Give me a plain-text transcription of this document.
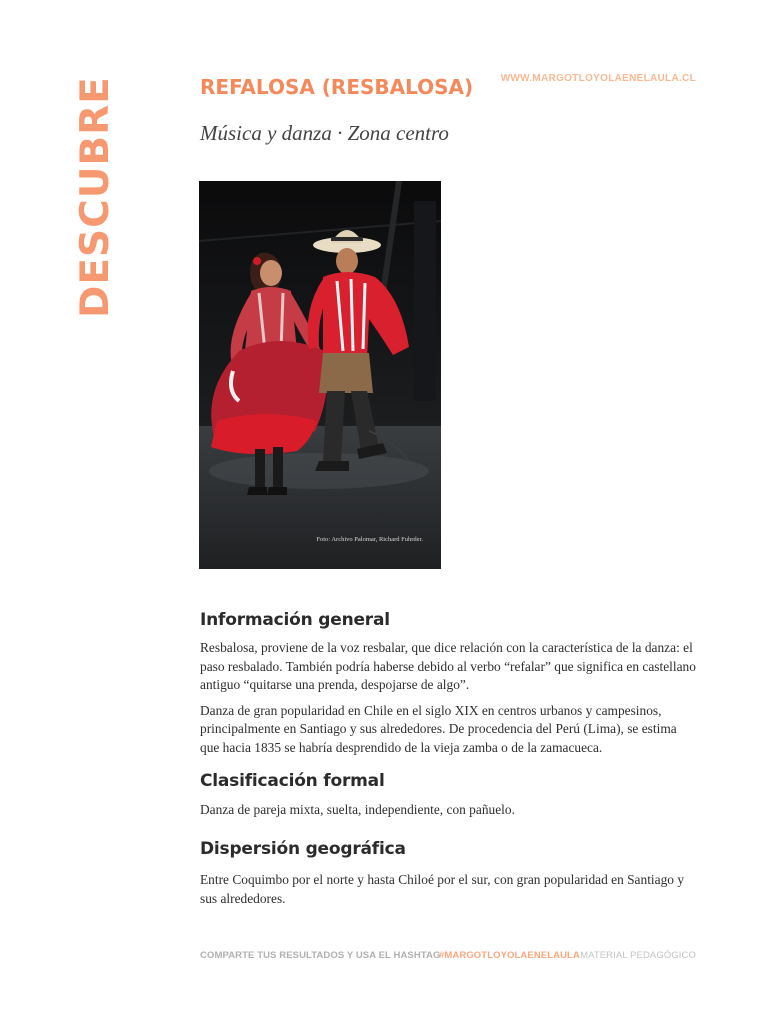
DESCUBRE	REFALOSA (RESBALOSA)	WWW.MARGOTLOYOLAENELAULA.CL
Música y danza · Zona centro
Foto: Archivo Palomar, Richard Fuhrder.
Información general
Resbalosa, proviene de la voz resbalar, que dice relación con la característica de la danza: el paso resbalado. También podría haberse debido al verbo “refalar” que significa en castellano antiguo “quitarse una prenda, despojarse de algo”.
Danza de gran popularidad en Chile en el siglo XIX en centros urbanos y campesinos, principalmente en Santiago y sus alrededores. De procedencia del Perú (Lima), se estima que hacia 1835 se habría desprendido de la vieja zamba o de la zamacueca.
Clasificación formal
Danza de pareja mixta, suelta, independiente, con pañuelo.
Dispersión geográfica
Entre Coquimbo por el norte y hasta Chiloé por el sur, con gran popularidad en Santiago y sus alrededores.
COMPARTE TUS RESULTADOS Y USA EL HASHTAG
#MARGOTLOYOLAENELAULA MATERIAL PEDAGÓGICO
